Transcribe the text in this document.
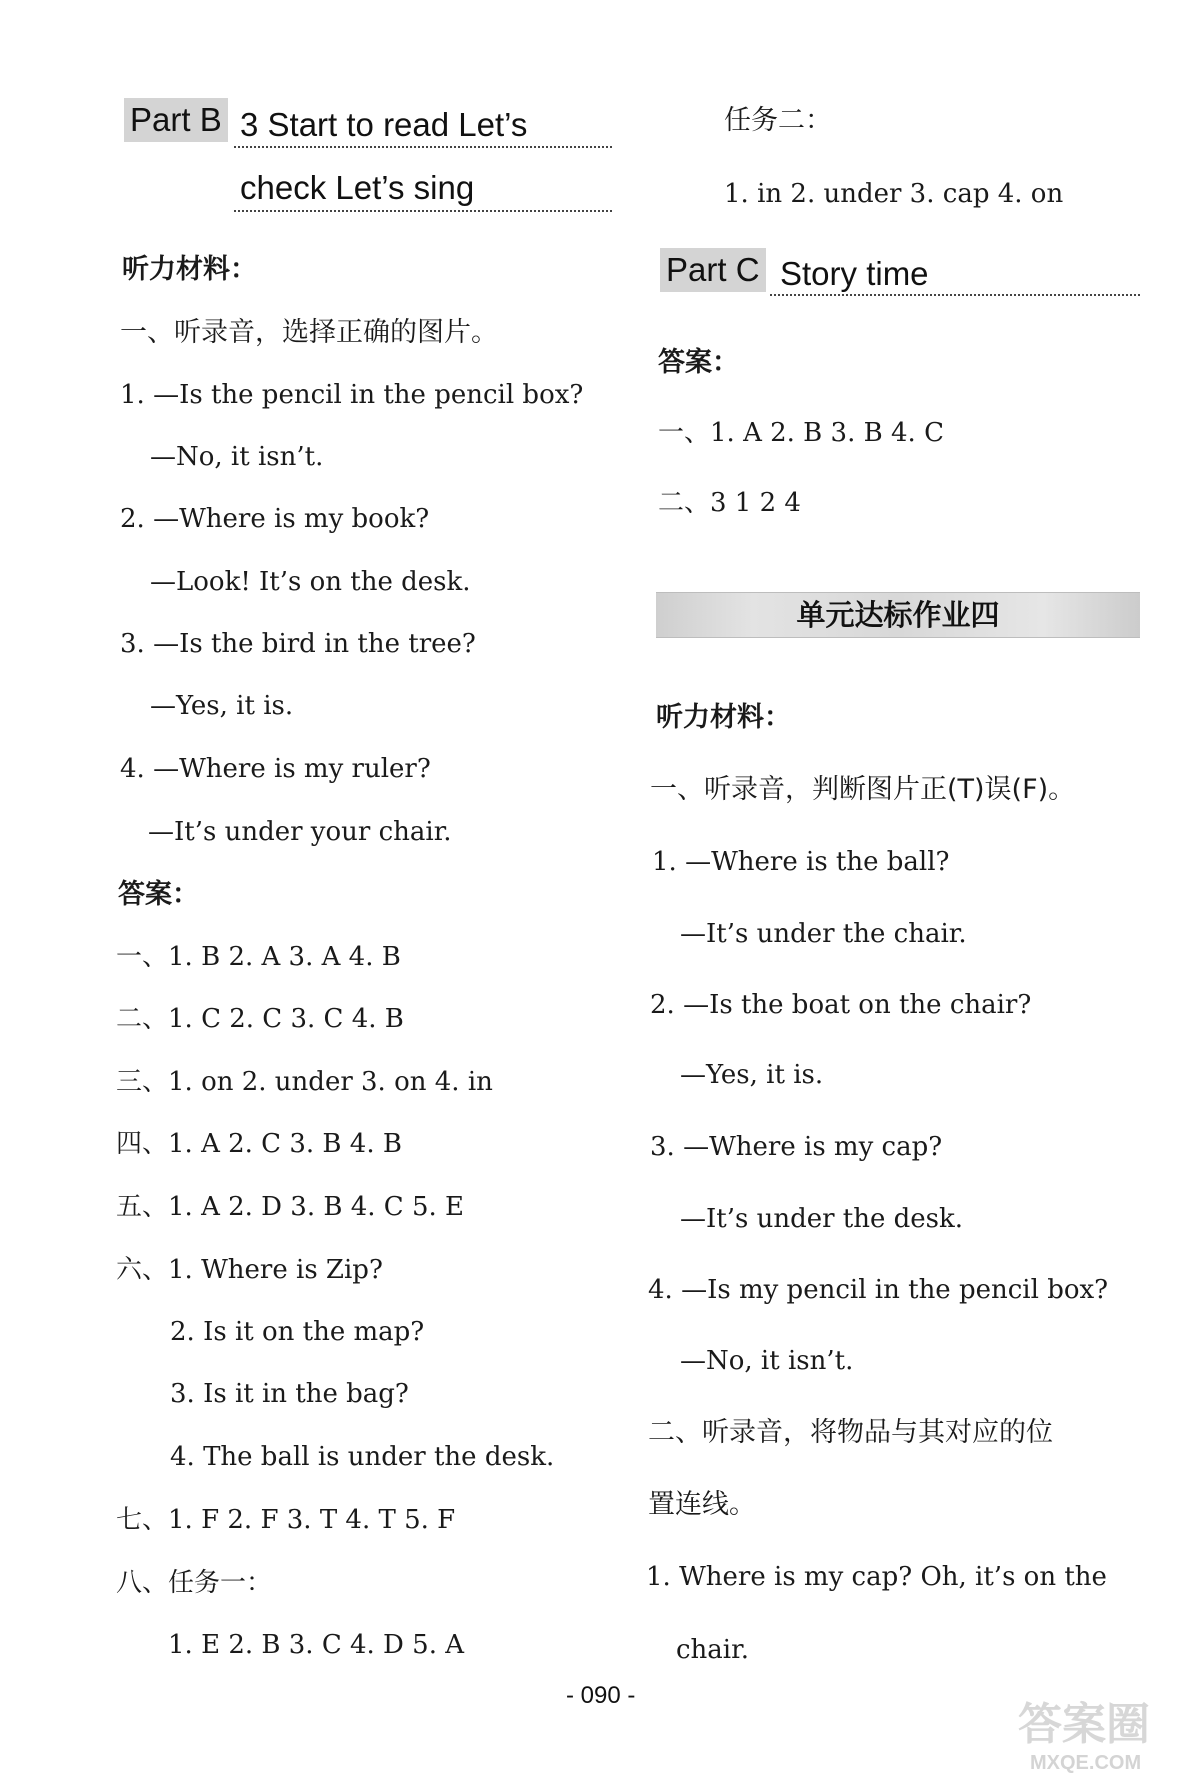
Part B 3 Start to read Let’s
check Let’s sing
听力材料：
一、听录音，选择正确的图片。
1. —Is the pencil in the pencil box?
—No, it isn’t.
2. —Where is my book?
—Look! It’s on the desk.
3. —Is the bird in the tree?
—Yes, it is.
4. —Where is my ruler?
—It’s under your chair.
答案：
一、1. B 2. A 3. A 4. B
二、1. C 2. C 3. C 4. B
三、1. on 2. under 3. on 4. in
四、1. A 2. C 3. B 4. B
五、1. A 2. D 3. B 4. C 5. E
六、1. Where is Zip?
2. Is it on the map?
3. Is it in the bag?
4. The ball is under the desk.
七、1. F 2. F 3. T 4. T 5. F
八、任务一：
1. E 2. B 3. C 4. D 5. A
任务二：
1. in 2. under 3. cap 4. on
Part C Story time
答案：
一、1. A 2. B 3. B 4. C
二、3 1 2 4
单元达标作业四
听力材料：
一、听录音，判断图片正(T)误(F)。
1. —Where is the ball?
—It’s under the chair.
2. —Is the boat on the chair?
—Yes, it is.
3. —Where is my cap?
—It’s under the desk.
4. —Is my pencil in the pencil box?
—No, it isn’t.
二、听录音，将物品与其对应的位
置连线。
1. Where is my cap? Oh, it’s on the
chair.
- 090 -
答案圈
MXQE.COM
